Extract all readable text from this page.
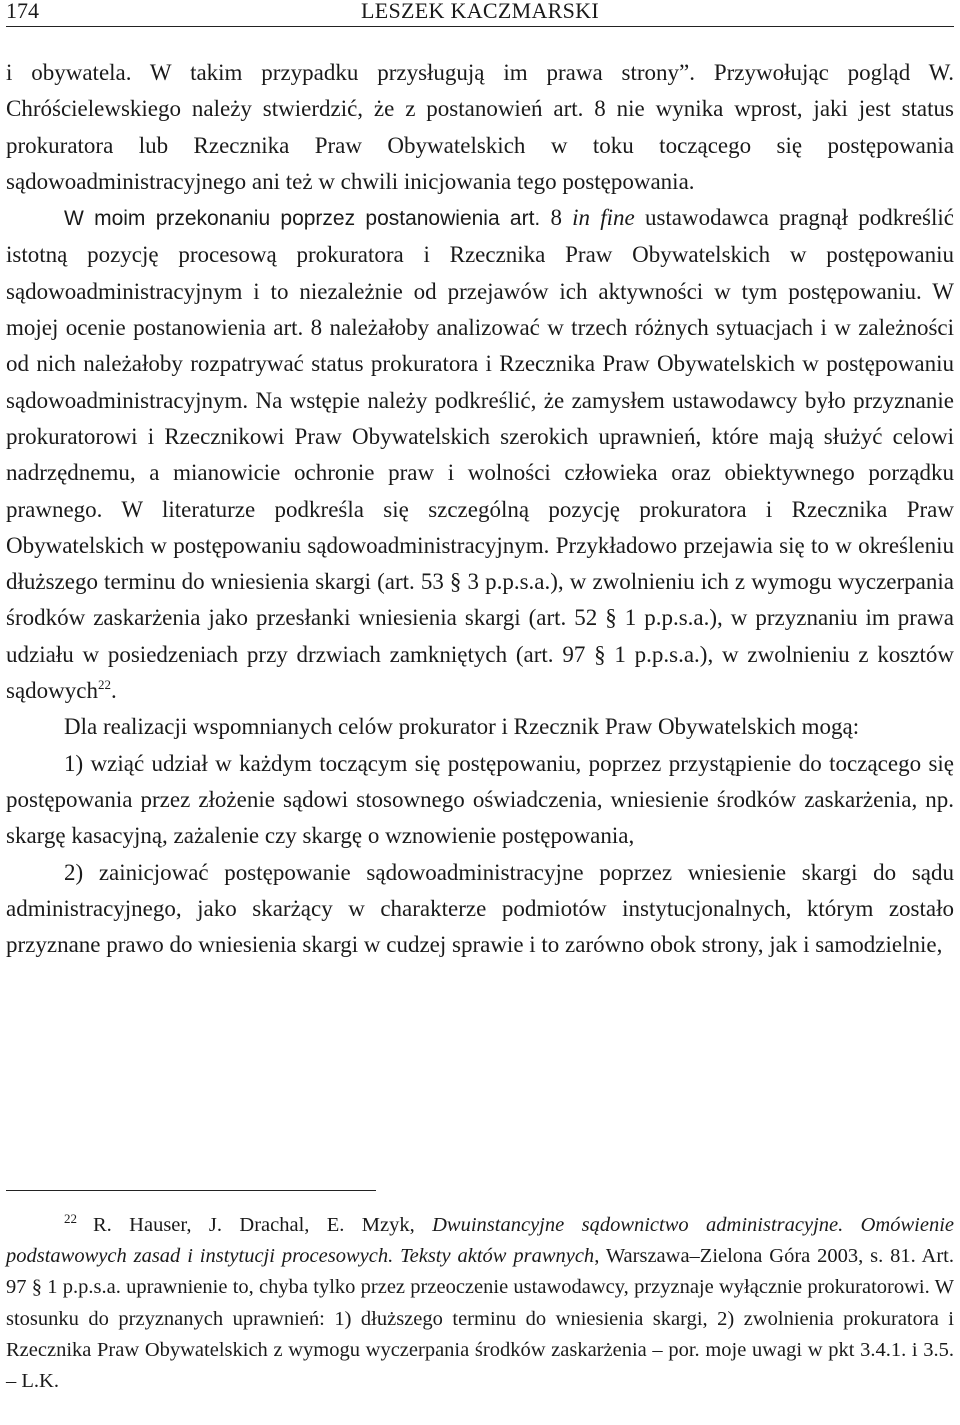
174	LESZEK KACZMARSKI

i obywatela. W takim przypadku przysługują im prawa strony”. Przywołując pogląd W. Chróścielewskiego należy stwierdzić, że z postanowień art. 8 nie wynika wprost, jaki jest status prokuratora lub Rzecznika Praw Obywatelskich w toku toczącego się postępowania sądowoadministracyjnego ani też w chwili inicjowania tego postępowania.

W moim przekonaniu poprzez postanowienia art. 8 in fine ustawodawca pragnął podkreślić istotną pozycję procesową prokuratora i Rzecznika Praw Obywatelskich w postępowaniu sądowoadministracyjnym i to niezależnie od przejawów ich aktywności w tym postępowaniu. W mojej ocenie postanowienia art. 8 należałoby analizować w trzech różnych sytuacjach i w zależności od nich należałoby rozpatrywać status prokuratora i Rzecznika Praw Obywatelskich w postępowaniu sądowoadministracyjnym. Na wstępie należy podkreślić, że zamysłem ustawodawcy było przyznanie prokuratorowi i Rzecznikowi Praw Obywatelskich szerokich uprawnień, które mają służyć celowi nadrzędnemu, a mianowicie ochronie praw i wolności człowieka oraz obiektywnego porządku prawnego. W literaturze podkreśla się szczególną pozycję prokuratora i Rzecznika Praw Obywatelskich w postępowaniu sądowoadministracyjnym. Przykładowo przejawia się to w określeniu dłuższego terminu do wniesienia skargi (art. 53 § 3 p.p.s.a.), w zwolnieniu ich z wymogu wyczerpania środków zaskarżenia jako przesłanki wniesienia skargi (art. 52 § 1 p.p.s.a.), w przyznaniu im prawa udziału w posiedzeniach przy drzwiach zamkniętych (art. 97 § 1 p.p.s.a.), w zwolnieniu z kosztów sądowych$^{22}$.

Dla realizacji wspomnianych celów prokurator i Rzecznik Praw Obywatelskich mogą:

1) wziąć udział w każdym toczącym się postępowaniu, poprzez przystąpienie do toczącego się postępowania przez złożenie sądowi stosownego oświadczenia, wniesienie środków zaskarżenia, np. skargę kasacyjną, zażalenie czy skargę o wznowienie postępowania,

2) zainicjować postępowanie sądowoadministracyjne poprzez wniesienie skargi do sądu administracyjnego, jako skarżący w charakterze podmiotów instytucjonalnych, którym zostało przyznane prawo do wniesienia skargi w cudzej sprawie i to zarówno obok strony, jak i samodzielnie,

$^{22}$ R. Hauser, J. Drachal, E. Mzyk, Dwuinstancyjne sądownictwo administracyjne. Omówienie podstawowych zasad i instytucji procesowych. Teksty aktów prawnych, Warszawa–Zielona Góra 2003, s. 81. Art. 97 § 1 p.p.s.a. uprawnienie to, chyba tylko przez przeoczenie ustawodawcy, przyznaje wyłącznie prokuratorowi. W stosunku do przyznanych uprawnień: 1) dłuższego terminu do wniesienia skargi, 2) zwolnienia prokuratora i Rzecznika Praw Obywatelskich z wymogu wyczerpania środków zaskarżenia – por. moje uwagi w pkt 3.4.1. i 3.5. – L.K.
